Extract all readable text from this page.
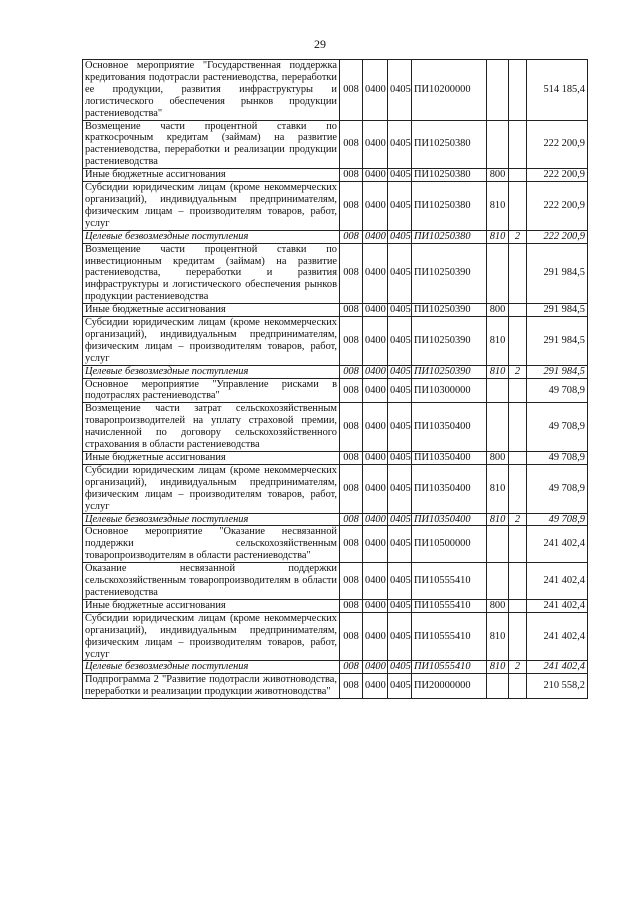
29
Основное мероприятие "Государственная поддержка кредитования подотрасли растениеводства, переработки ее продукции, развития инфраструктуры и логистического обеспечения рынков продукции растениеводства"	008	0400	0405	ПИ10200000			514 185,4
Возмещение части процентной ставки по краткосрочным кредитам (займам) на развитие растениеводства, переработки и реализации продукции растениеводства	008	0400	0405	ПИ10250380			222 200,9
Иные бюджетные ассигнования	008	0400	0405	ПИ10250380	800		222 200,9
Субсидии юридическим лицам (кроме некоммерческих организаций), индивидуальным предпринимателям, физическим лицам – производителям товаров, работ, услуг	008	0400	0405	ПИ10250380	810		222 200,9
Целевые безвозмездные поступления	008	0400	0405	ПИ10250380	810	2	222 200,9
Возмещение части процентной ставки по инвестиционным кредитам (займам) на развитие растениеводства, переработки и развития инфраструктуры и логистического обеспечения рынков продукции растениеводства	008	0400	0405	ПИ10250390			291 984,5
Иные бюджетные ассигнования	008	0400	0405	ПИ10250390	800		291 984,5
Субсидии юридическим лицам (кроме некоммерческих организаций), индивидуальным предпринимателям, физическим лицам – производителям товаров, работ, услуг	008	0400	0405	ПИ10250390	810		291 984,5
Целевые безвозмездные поступления	008	0400	0405	ПИ10250390	810	2	291 984,5
Основное мероприятие "Управление рисками в подотраслях растениеводства"	008	0400	0405	ПИ10300000			49 708,9
Возмещение части затрат сельскохозяйственным товаропроизводителей на уплату страховой премии, начисленной по договору сельскохозяйственного страхования в области растениеводства	008	0400	0405	ПИ10350400			49 708,9
Иные бюджетные ассигнования	008	0400	0405	ПИ10350400	800		49 708,9
Субсидии юридическим лицам (кроме некоммерческих организаций), индивидуальным предпринимателям, физическим лицам – производителям товаров, работ, услуг	008	0400	0405	ПИ10350400	810		49 708,9
Целевые безвозмездные поступления	008	0400	0405	ПИ10350400	810	2	49 708,9
Основное мероприятие "Оказание несвязанной поддержки сельскохозяйственным товаропроизводителям в области растениеводства"	008	0400	0405	ПИ10500000			241 402,4
Оказание несвязанной поддержки сельскохозяйственным товаропроизводителям в области растениеводства	008	0400	0405	ПИ10555410			241 402,4
Иные бюджетные ассигнования	008	0400	0405	ПИ10555410	800		241 402,4
Субсидии юридическим лицам (кроме некоммерческих организаций), индивидуальным предпринимателям, физическим лицам – производителям товаров, работ, услуг	008	0400	0405	ПИ10555410	810		241 402,4
Целевые безвозмездные поступления	008	0400	0405	ПИ10555410	810	2	241 402,4
Подпрограмма 2 "Развитие подотрасли животноводства, переработки и реализации продукции животноводства"	008	0400	0405	ПИ20000000			210 558,2
